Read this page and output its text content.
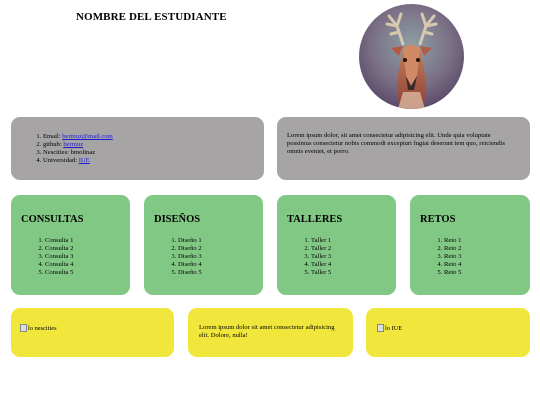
NOMBRE DEL ESTUDIANTE
1. Email: bermuz@mail.com
2. github: bermuz
3. Nescities: bmolinaz
4. Universidad: IUE

Lorem ipsum dolor, sit amet consectetur adipisicing elit. Unde quia voluptate possimus consectetur nobis commodi excepturi fugiat deserunt tem quo, reiciendis omnis eveniet, et porro.

CONSULTAS
1. Consulta 1
2. Consulta 2
3. Consulta 3
4. Consulta 4
5. Consulta 5
DISEÑOS
1. Diseño 1
2. Diseño 2
3. Diseño 3
4. Diseño 4
5. Diseño 5
TALLERES
1. Taller 1
2. Taller 2
3. Taller 3
4. Taller 4
5. Taller 5
RETOS
1. Reto 1
2. Reto 2
3. Reto 3
4. Reto 4
5. Reto 5
lo nescities	Lorem ipsum dolor sit amet consectetur adipisicing elit. Dolore, nulla!

lo IUE
